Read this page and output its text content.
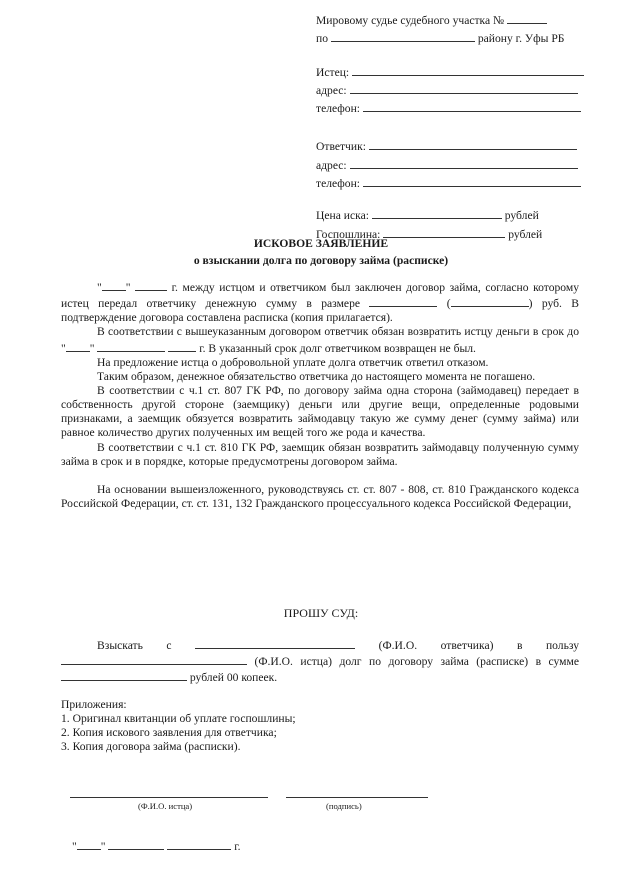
Мировому судье судебного участка №
по	району г. Уфы РБ
Истец:
адрес:
телефон:
Ответчик:
адрес:
телефон:
Цена иска:	рублей
Госпошлина:	рублей
ИСКОВОЕ ЗАЯВЛЕНИЕ
о взыскании долга по договору займа (расписке)

" "	г. между истцом и ответчиком был заключен договор займа, согласно которому истец передал ответчику денежную сумму в размере	(	) руб. В подтверждение договора составлена расписка (копия прилагается).

В соответствии с вышеуказанным договором ответчик обязан возвратить истцу деньги в срок до " "	г. В указанный срок долг ответчиком возвращен не был.

На предложение истца о добровольной уплате долга ответчик ответил отказом.

Таким образом, денежное обязательство ответчика до настоящего момента не погашено.

В соответствии с ч.1 ст. 807 ГК РФ, по договору займа одна сторона (займодавец) передает в собственность другой стороне (заемщику) деньги или другие вещи, определенные родовыми признаками, а заемщик обязуется возвратить займодавцу такую же сумму денег (сумму займа) или равное количество других полученных им вещей того же рода и качества.

В соответствии с ч.1 ст. 810 ГК РФ, заемщик обязан возвратить займодавцу полученную сумму займа в срок и в порядке, которые предусмотрены договором займа.

На основании вышеизложенного, руководствуясь ст. ст. 807 - 808, ст. 810 Гражданского кодекса Российской Федерации, ст. ст. 131, 132 Гражданского процессуального кодекса Российской Федерации,

ПРОШУ СУД:

Взыскать с	(Ф.И.О. ответчика) в пользу  (Ф.И.О. истца) долг по договору займа (расписке) в сумме  рублей 00 копеек.

Приложения:

1. Оригинал квитанции об уплате госпошлины;

2. Копия искового заявления для ответчика;

3. Копия договора займа (расписки).

(Ф.И.О. истца)	(подпись)
" "	г.
